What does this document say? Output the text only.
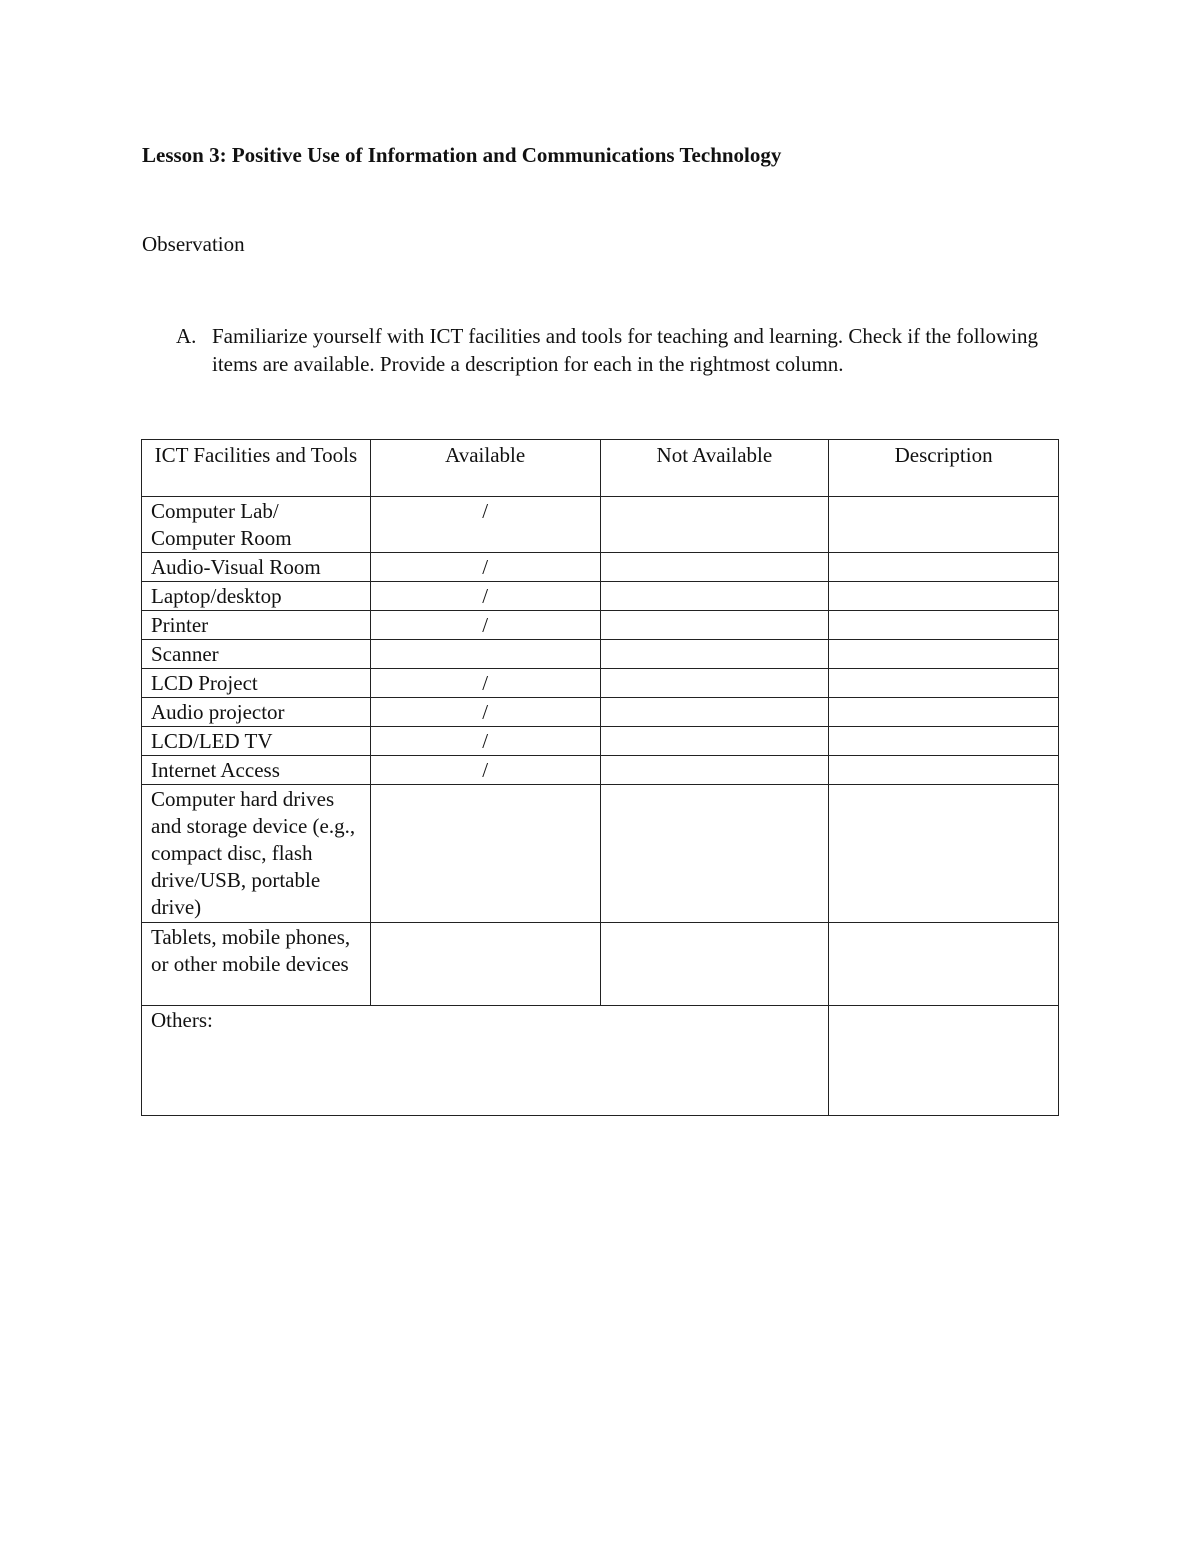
Lesson 3: Positive Use of Information and Communications Technology
Observation
A. Familiarize yourself with ICT facilities and tools for teaching and learning. Check if the following items are available. Provide a description for each in the rightmost column.
ICT Facilities and Tools	Available	Not Available	Description
Computer Lab/ Computer Room	/		
Audio-Visual Room	/		
Laptop/desktop	/		
Printer	/		
Scanner			
LCD Project	/		
Audio projector	/		
LCD/LED TV	/		
Internet Access	/		
Computer hard drives and storage device (e.g., compact disc, flash drive/USB, portable drive)			
Tablets, mobile phones, or other mobile devices			
Others:			
